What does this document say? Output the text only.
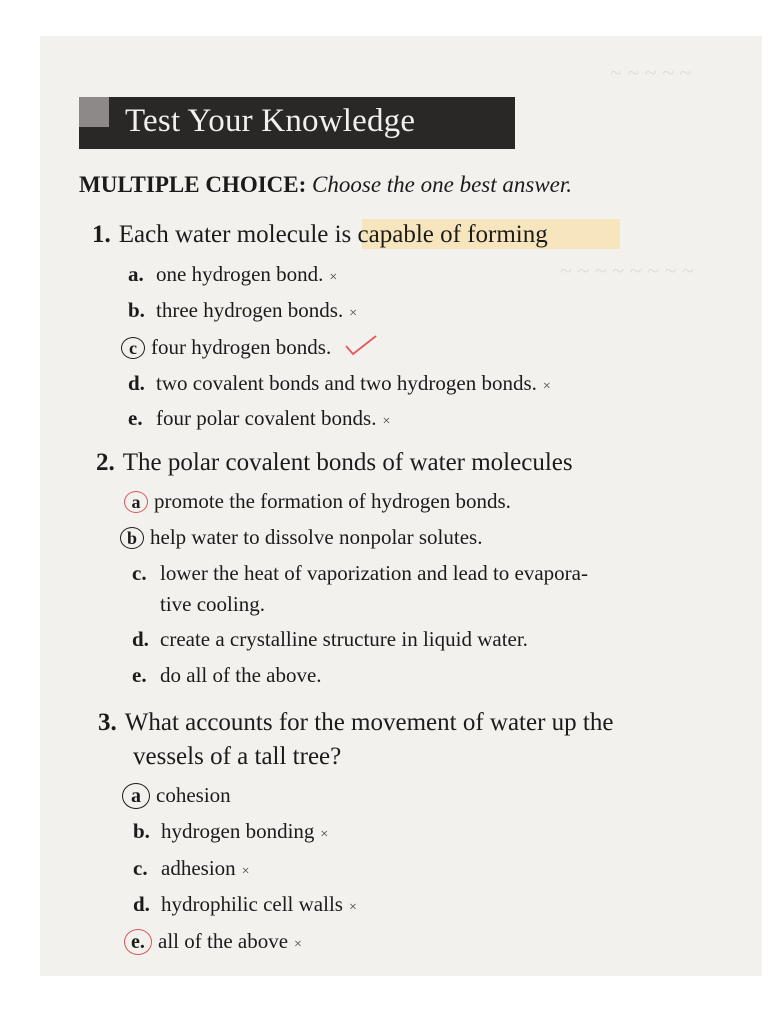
~ ~ ~ ~ ~
~ ~ ~ ~ ~ ~ ~ ~
Test Your Knowledge
MULTIPLE CHOICE: Choose the one best answer.
1. Each water molecule is capable of forming
a. one hydrogen bond. ×
b. three hydrogen bonds. ×
c four hydrogen bonds.
d. two covalent bonds and two hydrogen bonds. ×
e. four polar covalent bonds. ×
2. The polar covalent bonds of water molecules
a promote the formation of hydrogen bonds.
b help water to dissolve nonpolar solutes.
c. lower the heat of vaporization and lead to evapora-
tive cooling.
d. create a crystalline structure in liquid water.
e. do all of the above.
3. What accounts for the movement of water up the
vessels of a tall tree?
a cohesion
b. hydrogen bonding ×
c. adhesion ×
d. hydrophilic cell walls ×
e. all of the above ×
